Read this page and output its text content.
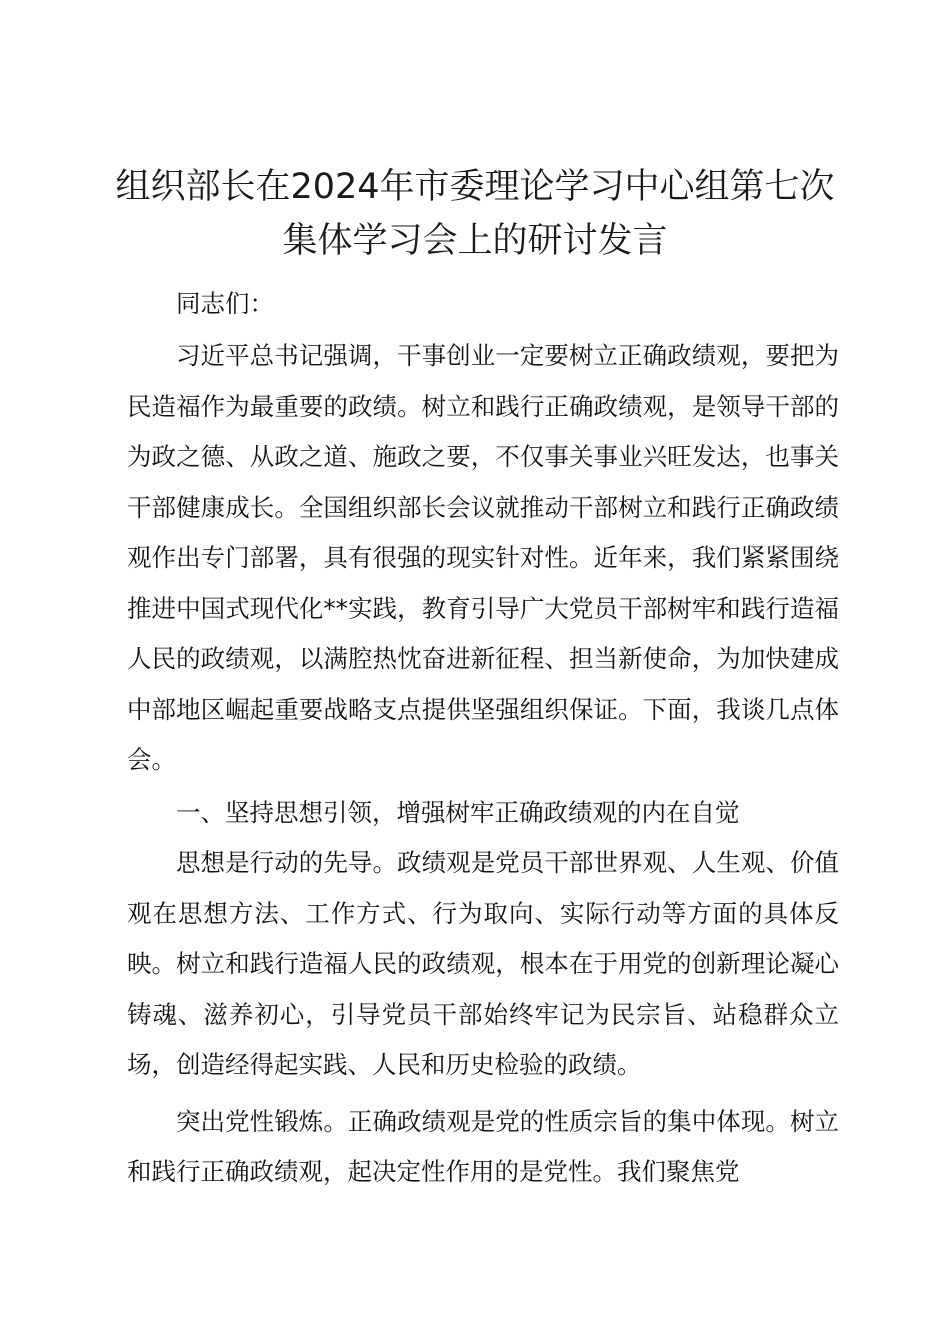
组织部长在2024年市委理论学习中心组第七次集体学习会上的研讨发言

同志们：

习近平总书记强调，干事创业一定要树立正确政绩观，要把为民造福作为最重要的政绩。树立和践行正确政绩观，是领导干部的为政之德、从政之道、施政之要，不仅事关事业兴旺发达，也事关干部健康成长。全国组织部长会议就推动干部树立和践行正确政绩观作出专门部署，具有很强的现实针对性。近年来，我们紧紧围绕推进中国式现代化**实践，教育引导广大党员干部树牢和践行造福人民的政绩观，以满腔热忱奋进新征程、担当新使命，为加快建成中部地区崛起重要战略支点提供坚强组织保证。下面，我谈几点体会。

一、坚持思想引领，增强树牢正确政绩观的内在自觉

思想是行动的先导。政绩观是党员干部世界观、人生观、价值观在思想方法、工作方式、行为取向、实际行动等方面的具体反映。树立和践行造福人民的政绩观，根本在于用党的创新理论凝心铸魂、滋养初心，引导党员干部始终牢记为民宗旨、站稳群众立场，创造经得起实践、人民和历史检验的政绩。

突出党性锻炼。正确政绩观是党的性质宗旨的集中体现。树立和践行正确政绩观，起决定性作用的是党性。我们聚焦党
